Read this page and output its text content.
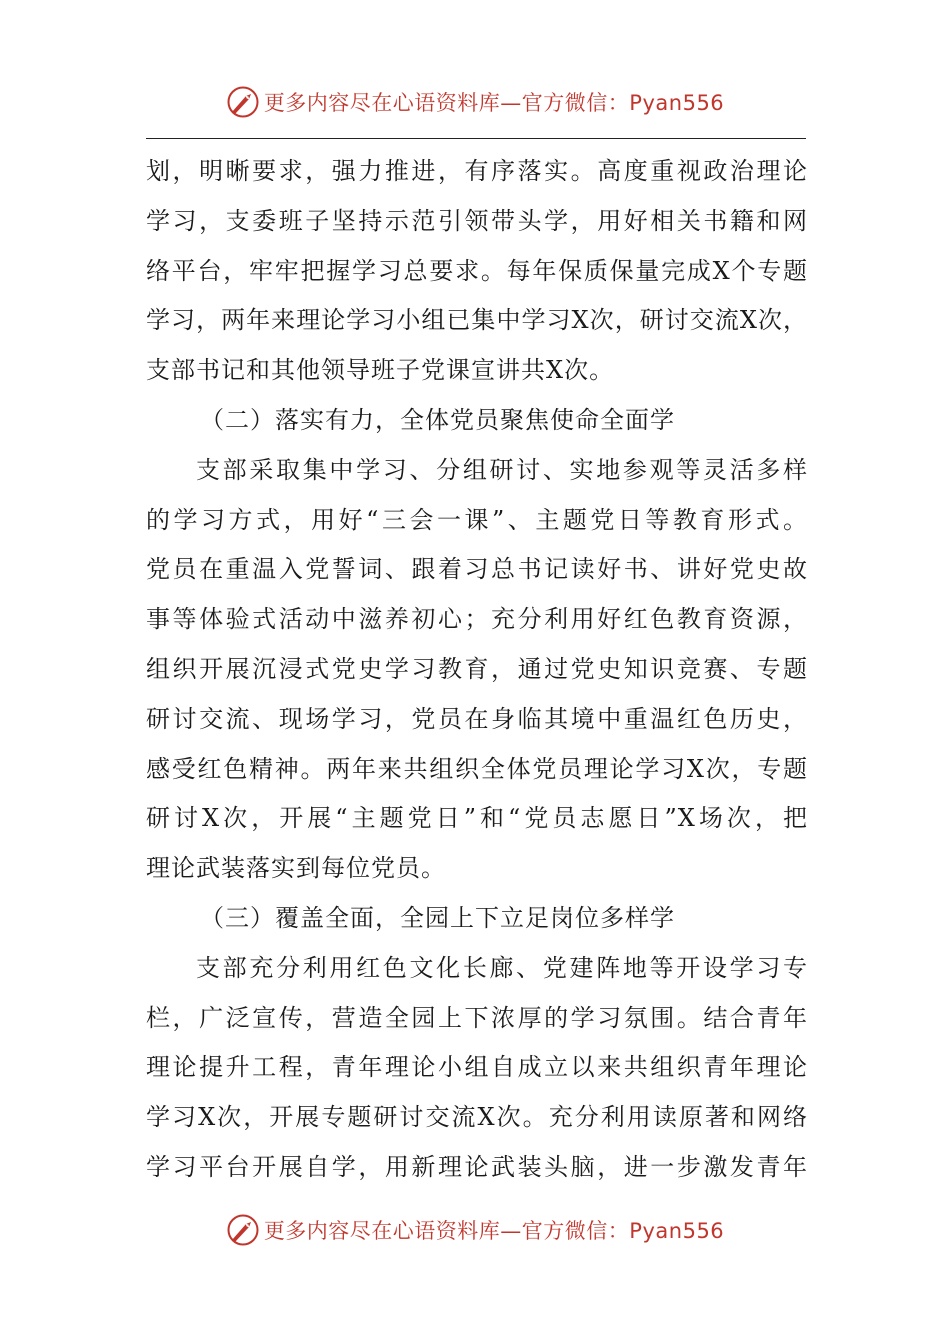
更多内容尽在心语资料库—官方微信：Pyan556
划，明晰要求，强力推进，有序落实。高度重视政治理论
学习，支委班子坚持示范引领带头学，用好相关书籍和网
络平台，牢牢把握学习总要求。每年保质保量完成X个专题
学习，两年来理论学习小组已集中学习X次，研讨交流X次，
支部书记和其他领导班子党课宣讲共X次。
（二）落实有力，全体党员聚焦使命全面学
支部采取集中学习、分组研讨、实地参观等灵活多样
的学习方式，用好“三会一课”、主题党日等教育形式。
党员在重温入党誓词、跟着习总书记读好书、讲好党史故
事等体验式活动中滋养初心；充分利用好红色教育资源，
组织开展沉浸式党史学习教育，通过党史知识竞赛、专题
研讨交流、现场学习，党员在身临其境中重温红色历史，
感受红色精神。两年来共组织全体党员理论学习X次，专题
研讨X次，开展“主题党日”和“党员志愿日”X场次，把
理论武装落实到每位党员。
（三）覆盖全面，全园上下立足岗位多样学
支部充分利用红色文化长廊、党建阵地等开设学习专
栏，广泛宣传，营造全园上下浓厚的学习氛围。结合青年
理论提升工程，青年理论小组自成立以来共组织青年理论
学习X次，开展专题研讨交流X次。充分利用读原著和网络
学习平台开展自学，用新理论武装头脑，进一步激发青年
更多内容尽在心语资料库—官方微信：Pyan556
